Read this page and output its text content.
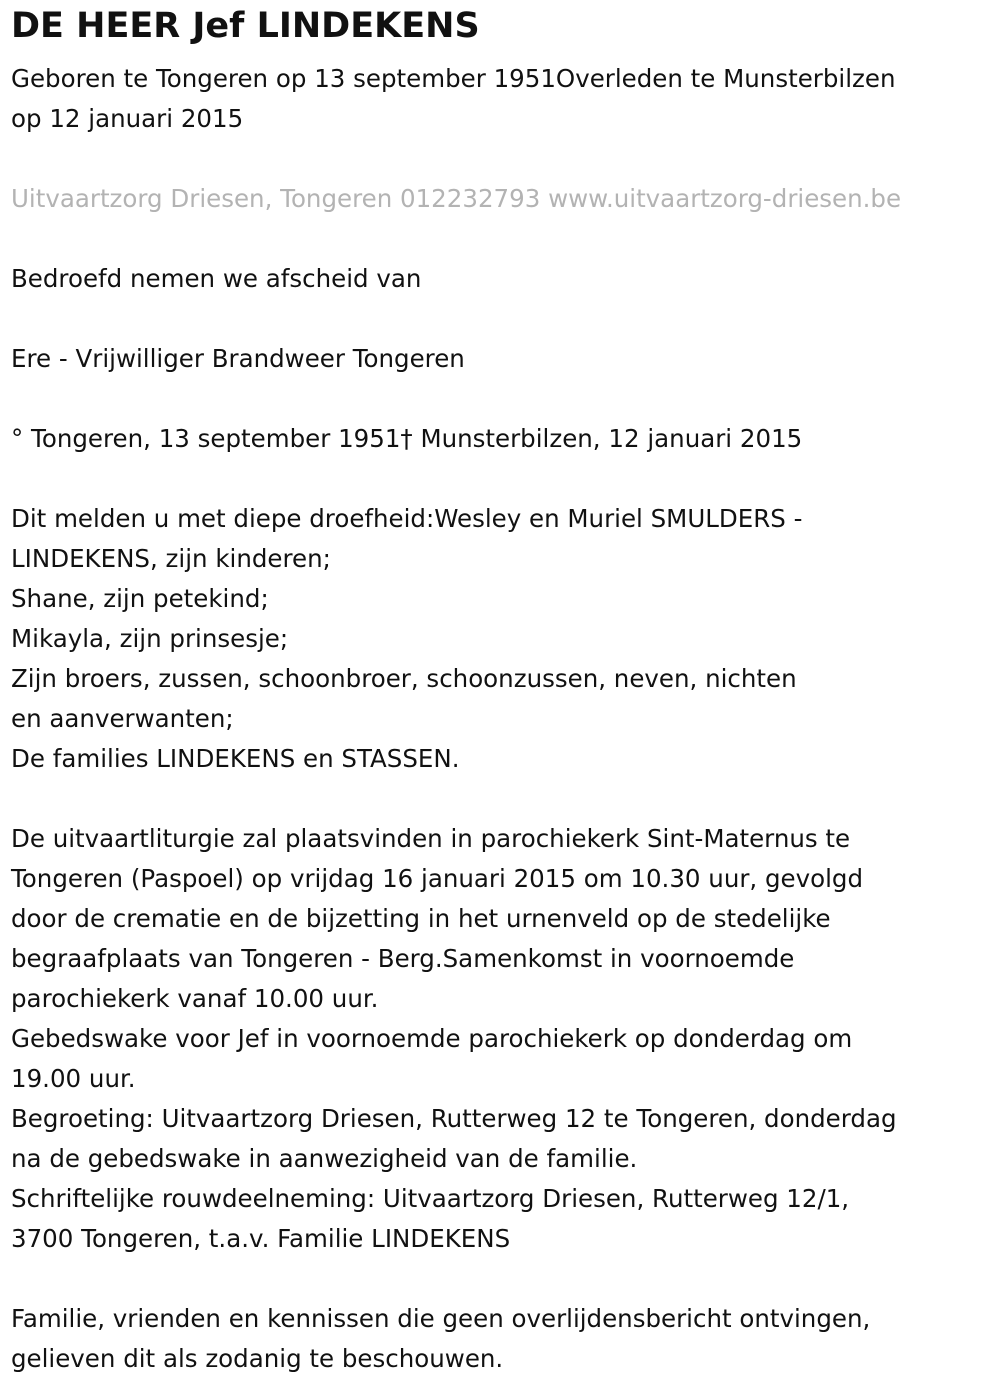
DE HEER Jef LINDEKENS
Geboren te Tongeren op 13 september 1951Overleden te Munsterbilzen
op 12 januari 2015
Uitvaartzorg Driesen, Tongeren 012232793 www.uitvaartzorg-driesen.be
Bedroefd nemen we afscheid van
Ere - Vrijwilliger Brandweer Tongeren
° Tongeren, 13 september 1951† Munsterbilzen, 12 januari 2015
Dit melden u met diepe droefheid:Wesley en Muriel SMULDERS -
LINDEKENS, zijn kinderen;
Shane, zijn petekind;
Mikayla, zijn prinsesje;
Zijn broers, zussen, schoonbroer, schoonzussen, neven, nichten
en aanverwanten;
De families LINDEKENS en STASSEN.
De uitvaartliturgie zal plaatsvinden in parochiekerk Sint-Maternus te
Tongeren (Paspoel) op vrijdag 16 januari 2015 om 10.30 uur, gevolgd
door de crematie en de bijzetting in het urnenveld op de stedelijke
begraafplaats van Tongeren - Berg.Samenkomst in voornoemde
parochiekerk vanaf 10.00 uur.
Gebedswake voor Jef in voornoemde parochiekerk op donderdag om
19.00 uur.
Begroeting: Uitvaartzorg Driesen, Rutterweg 12 te Tongeren, donderdag
na de gebedswake in aanwezigheid van de familie.
Schriftelijke rouwdeelneming: Uitvaartzorg Driesen, Rutterweg 12/1,
3700 Tongeren, t.a.v. Familie LINDEKENS
Familie, vrienden en kennissen die geen overlijdensbericht ontvingen,
gelieven dit als zodanig te beschouwen.
